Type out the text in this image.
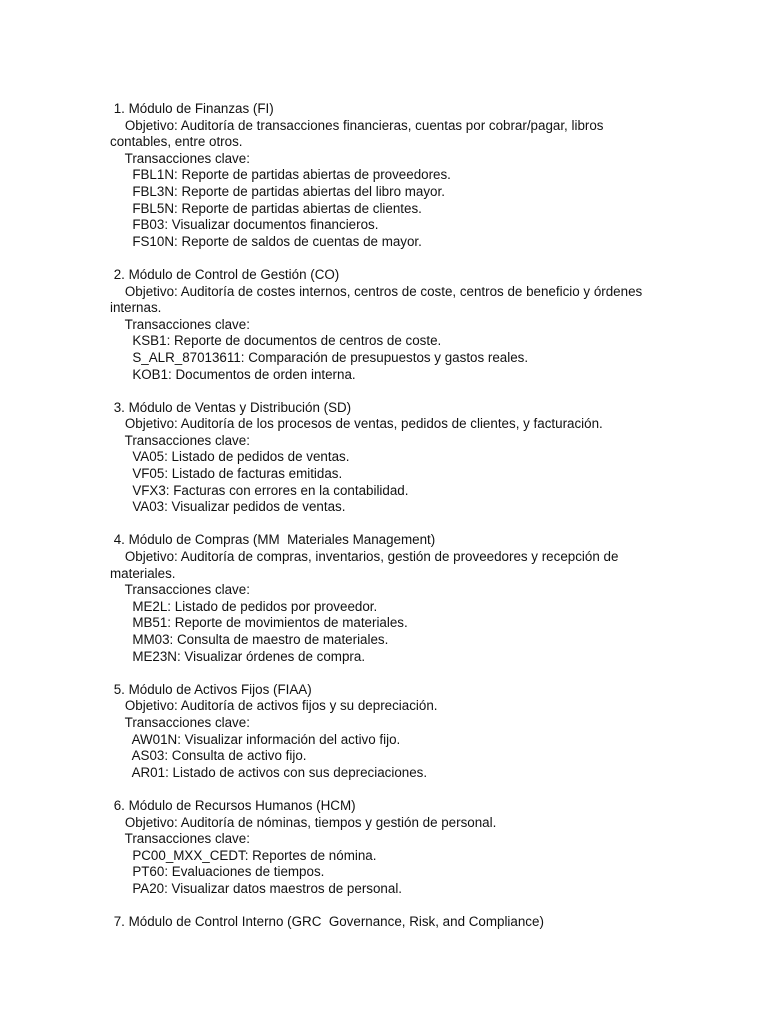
1. Módulo de Finanzas (FI)
Objetivo: Auditoría de transacciones financieras, cuentas por cobrar/pagar, libros contables, entre otros.
Transacciones clave:
FBL1N: Reporte de partidas abiertas de proveedores.
FBL3N: Reporte de partidas abiertas del libro mayor.
FBL5N: Reporte de partidas abiertas de clientes.
FB03: Visualizar documentos financieros.
FS10N: Reporte de saldos de cuentas de mayor.
2. Módulo de Control de Gestión (CO)
Objetivo: Auditoría de costes internos, centros de coste, centros de beneficio y órdenes internas.
Transacciones clave:
KSB1: Reporte de documentos de centros de coste.
S_ALR_87013611: Comparación de presupuestos y gastos reales.
KOB1: Documentos de orden interna.
3. Módulo de Ventas y Distribución (SD)
Objetivo: Auditoría de los procesos de ventas, pedidos de clientes, y facturación.
Transacciones clave:
VA05: Listado de pedidos de ventas.
VF05: Listado de facturas emitidas.
VFX3: Facturas con errores en la contabilidad.
VA03: Visualizar pedidos de ventas.
4. Módulo de Compras (MM  Materiales Management)
Objetivo: Auditoría de compras, inventarios, gestión de proveedores y recepción de materiales.
Transacciones clave:
ME2L: Listado de pedidos por proveedor.
MB51: Reporte de movimientos de materiales.
MM03: Consulta de maestro de materiales.
ME23N: Visualizar órdenes de compra.
5. Módulo de Activos Fijos (FIAA)
Objetivo: Auditoría de activos fijos y su depreciación.
Transacciones clave:
AW01N: Visualizar información del activo fijo.
AS03: Consulta de activo fijo.
AR01: Listado de activos con sus depreciaciones.
6. Módulo de Recursos Humanos (HCM)
Objetivo: Auditoría de nóminas, tiempos y gestión de personal.
Transacciones clave:
PC00_MXX_CEDT: Reportes de nómina.
PT60: Evaluaciones de tiempos.
PA20: Visualizar datos maestros de personal.
7. Módulo de Control Interno (GRC  Governance, Risk, and Compliance)
